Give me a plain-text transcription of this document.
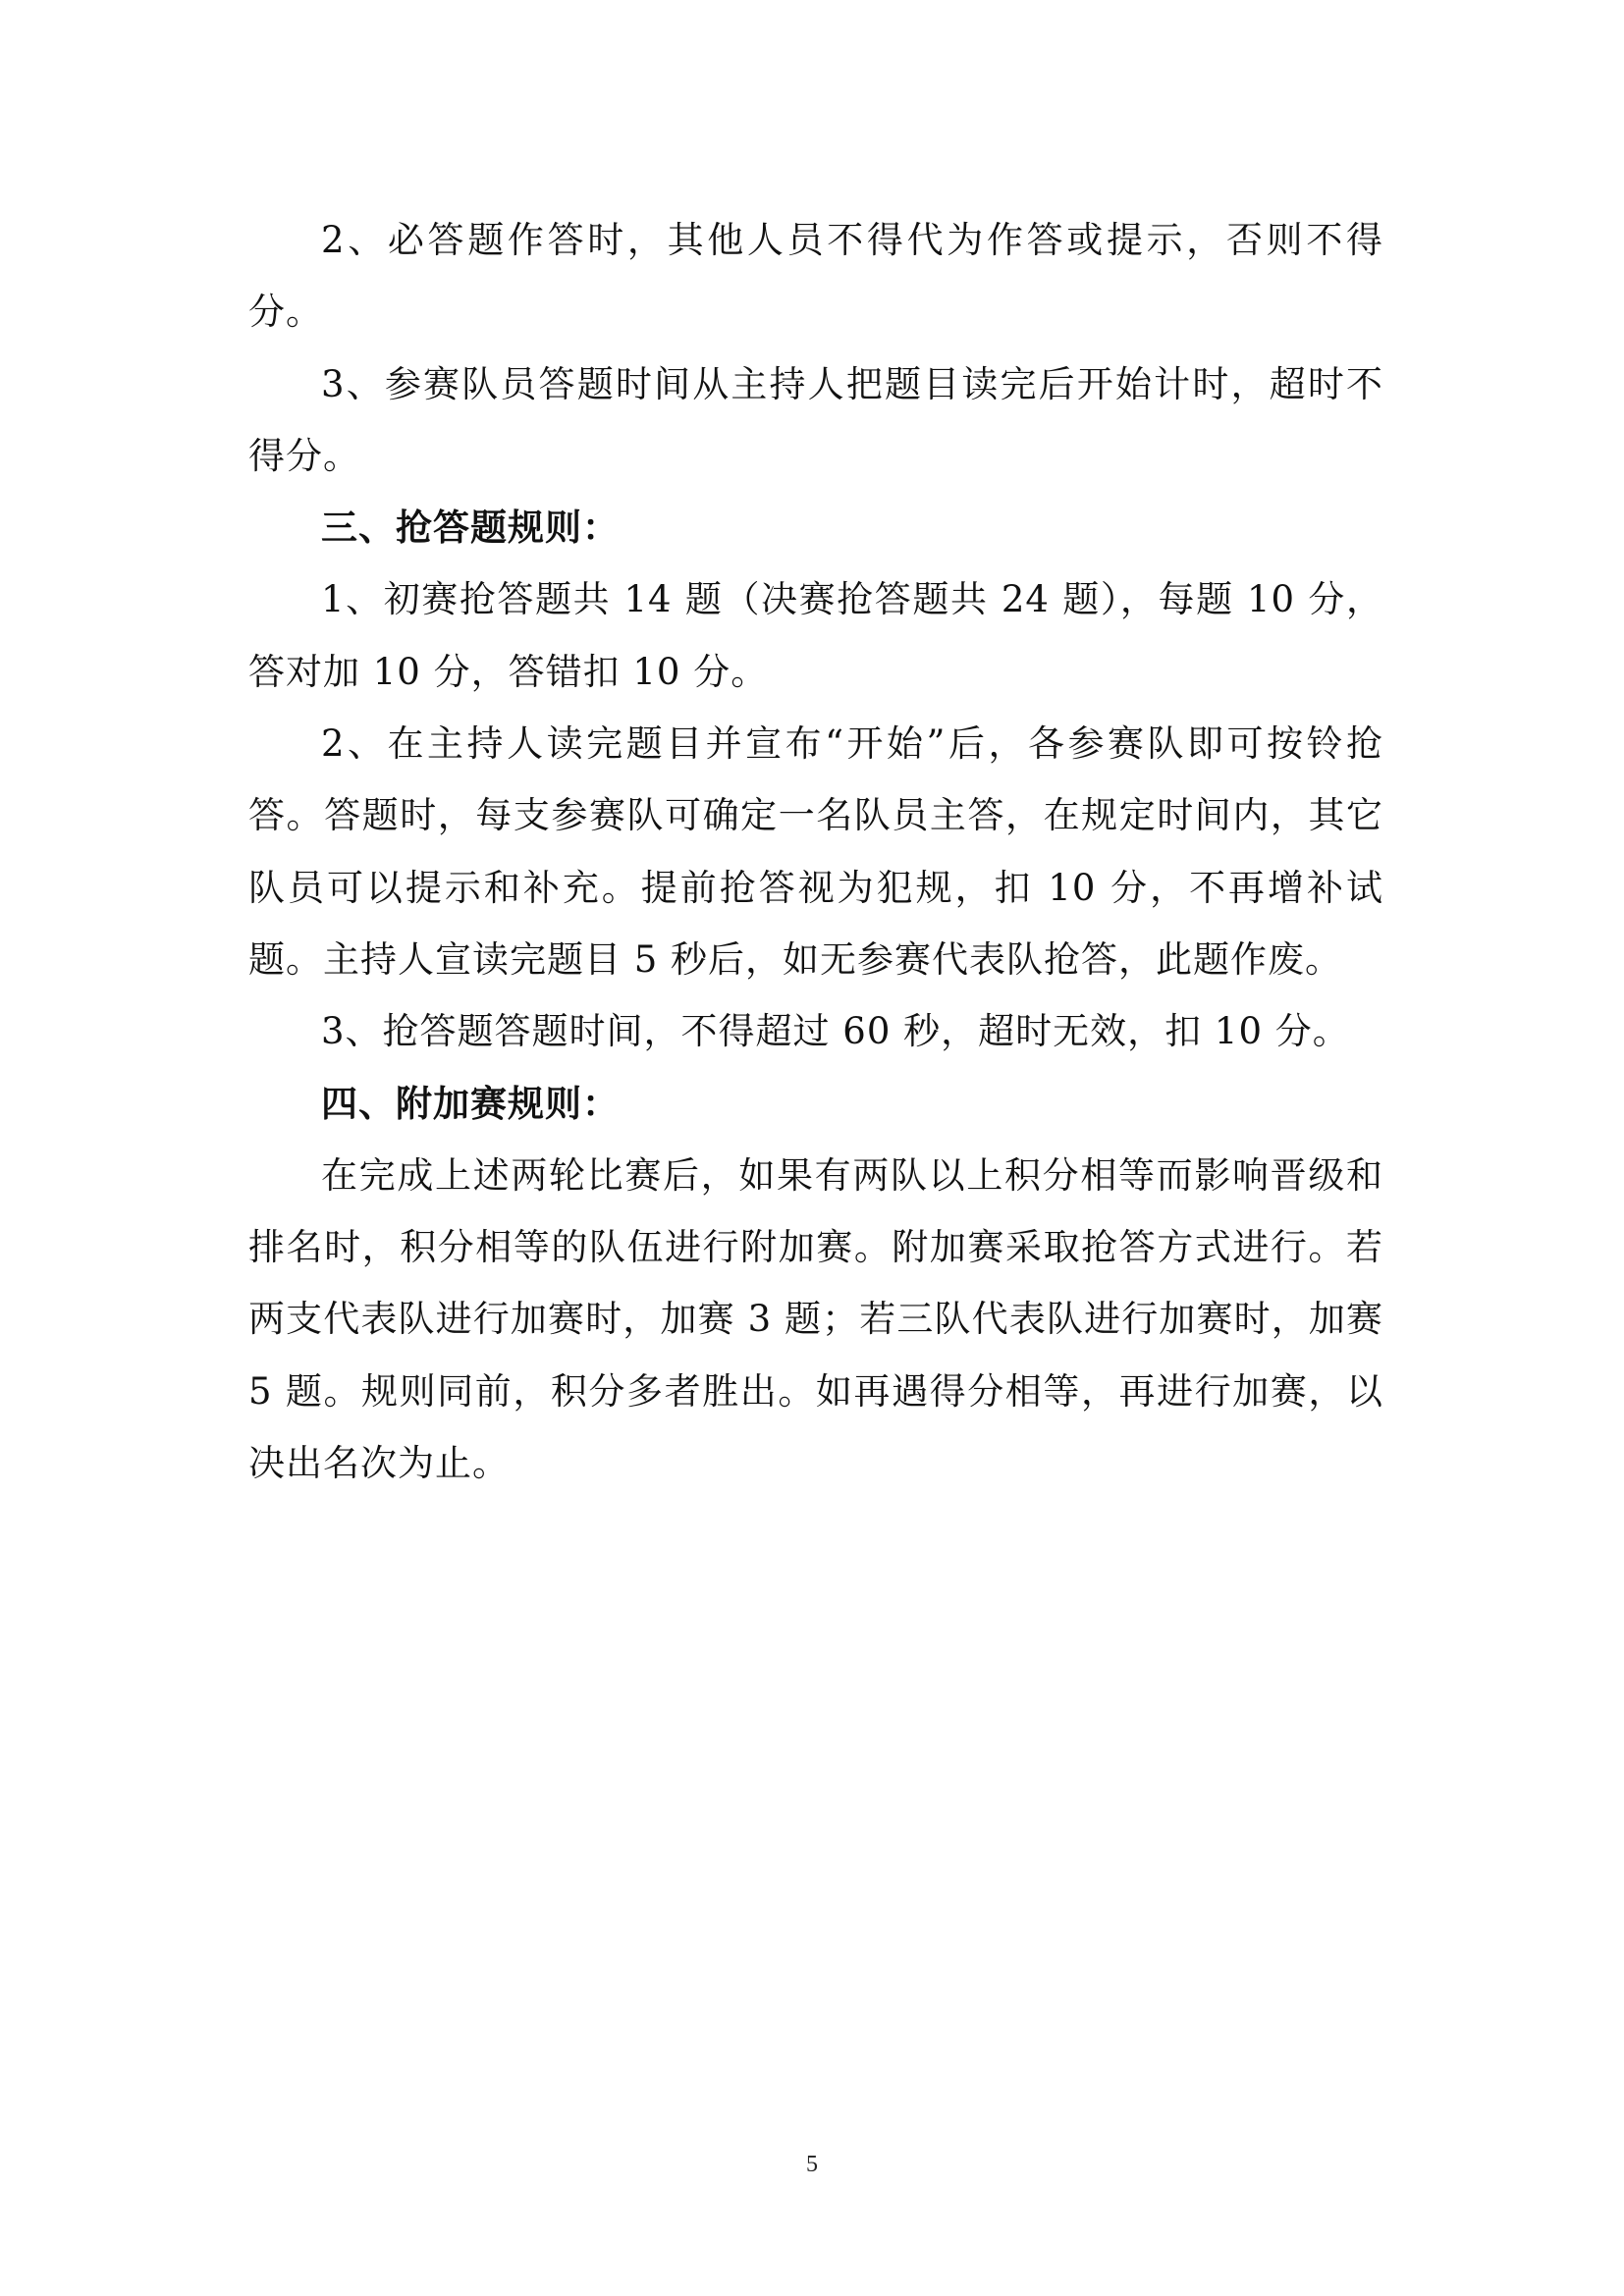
2、必答题作答时，其他人员不得代为作答或提示，否则不得分。

3、参赛队员答题时间从主持人把题目读完后开始计时，超时不得分。

三、抢答题规则：

1、初赛抢答题共 14 题（决赛抢答题共 24 题），每题 10 分，答对加 10 分，答错扣 10 分。

2、在主持人读完题目并宣布“开始”后，各参赛队即可按铃抢答。答题时，每支参赛队可确定一名队员主答，在规定时间内，其它队员可以提示和补充。提前抢答视为犯规，扣 10 分，不再增补试题。主持人宣读完题目 5 秒后，如无参赛代表队抢答，此题作废。

3、抢答题答题时间，不得超过 60 秒，超时无效，扣 10 分。

四、附加赛规则：

在完成上述两轮比赛后，如果有两队以上积分相等而影响晋级和排名时，积分相等的队伍进行附加赛。附加赛采取抢答方式进行。若两支代表队进行加赛时，加赛 3 题；若三队代表队进行加赛时，加赛 5 题。规则同前，积分多者胜出。如再遇得分相等，再进行加赛，以决出名次为止。

5
